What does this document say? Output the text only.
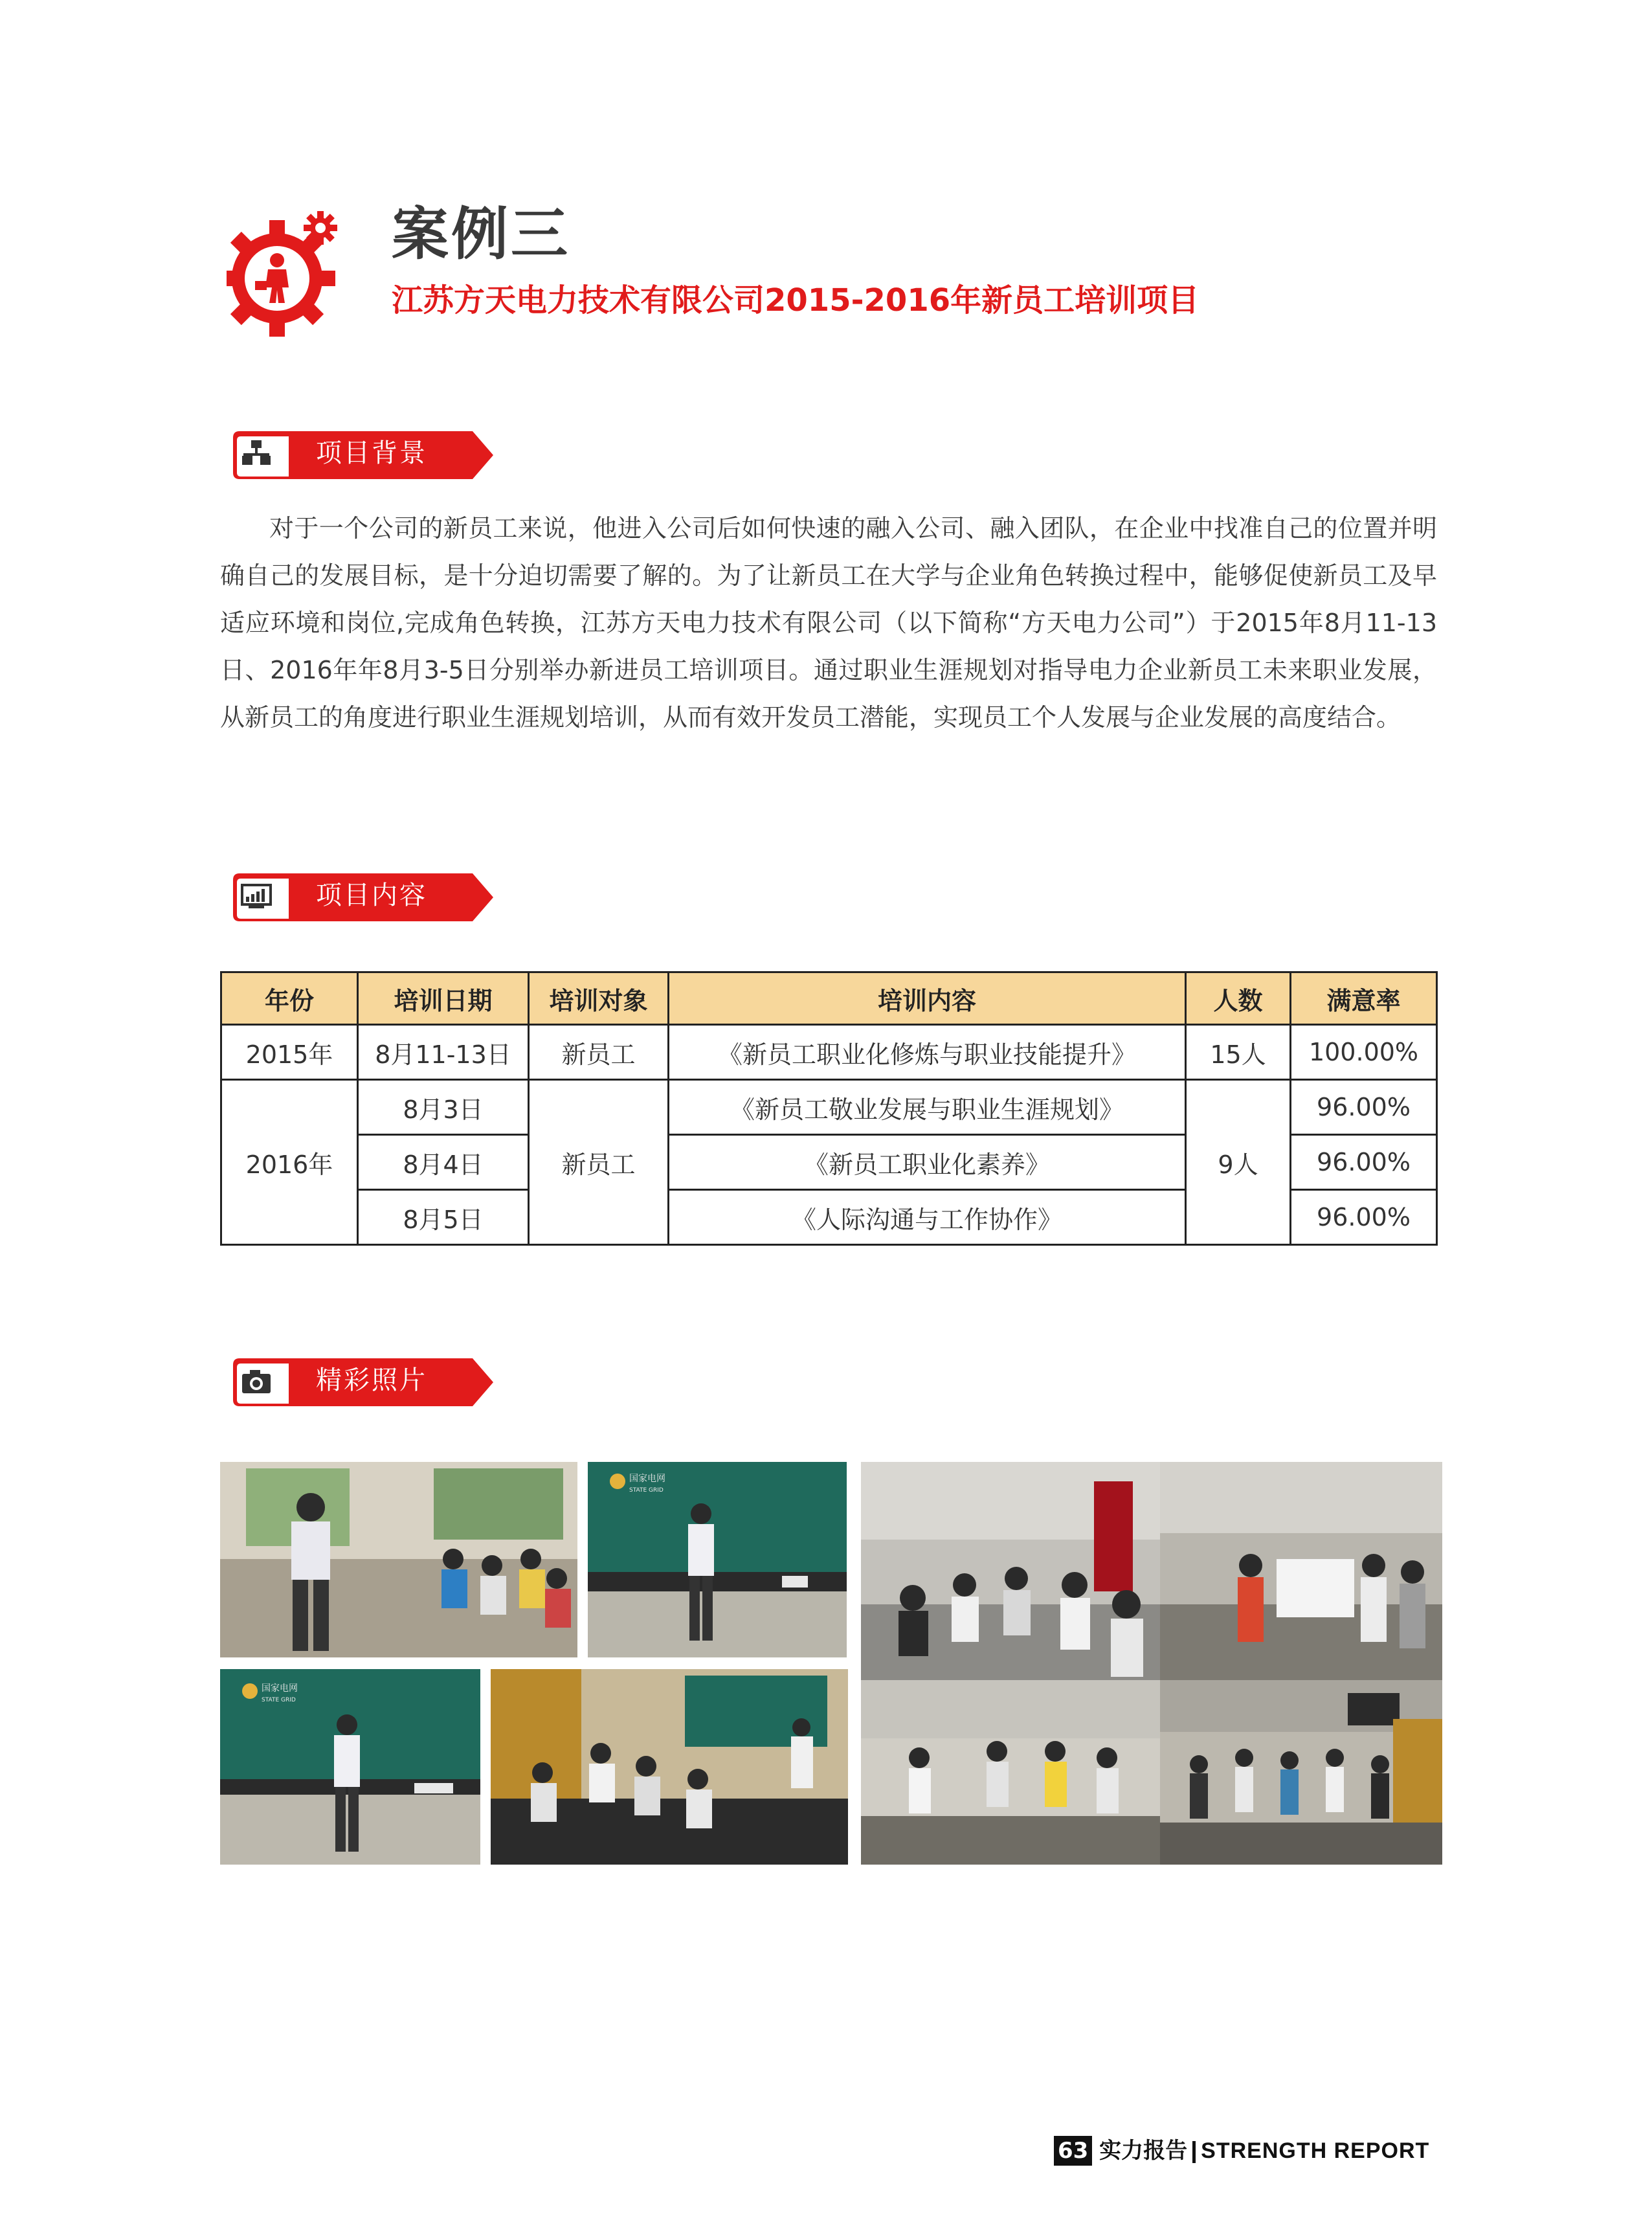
案例三
江苏方天电力技术有限公司2015-2016年新员工培训项目
项目背景

对于一个公司的新员工来说，他进入公司后如何快速的融入公司、融入团队，在企业中找准自己的位置并明确自己的发展目标，是十分迫切需要了解的。为了让新员工在大学与企业角色转换过程中，能够促使新员工及早适应环境和岗位,完成角色转换，江苏方天电力技术有限公司（以下简称“方天电力公司”）于2015年8月11-13日、2016年年8月3-5日分别举办新进员工培训项目。通过职业生涯规划对指导电力企业新员工未来职业发展，从新员工的角度进行职业生涯规划培训，从而有效开发员工潜能，实现员工个人发展与企业发展的高度结合。

项目内容
年份	培训日期	培训对象	培训内容	人数	满意率
2015年	8月11-13日	新员工	《新员工职业化修炼与职业技能提升》	15人	100.00%
2016年	8月3日	新员工	《新员工敬业发展与职业生涯规划》	9人	96.00%
	8月4日		《新员工职业化素养》		96.00%
	8月5日		《人际沟通与工作协作》		96.00%
精彩照片
国家电网
STATE GRID
国家电网
STATE GRID
63 实力报告 STRENGTH REPORT
